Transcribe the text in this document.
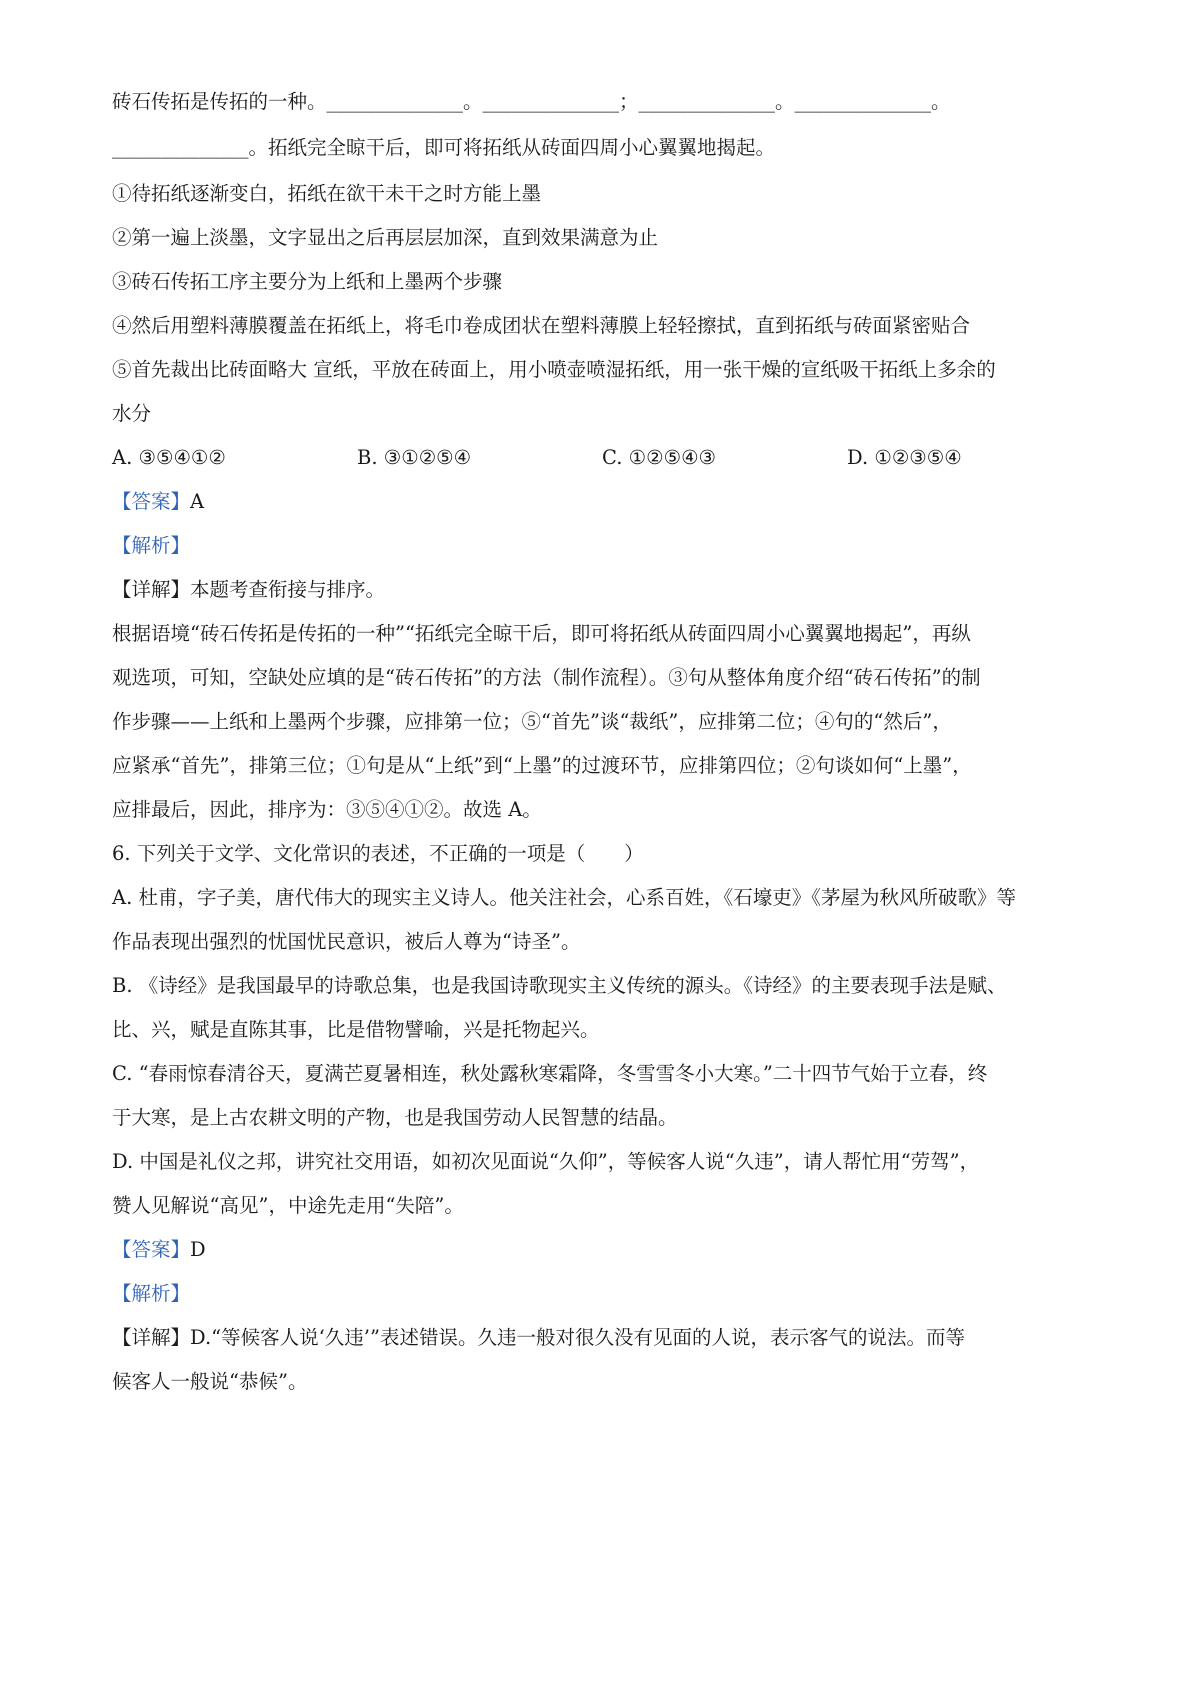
砖石传拓是传拓的一种。______________。______________；______________。______________。

______________。拓纸完全晾干后，即可将拓纸从砖面四周小心翼翼地揭起。

①待拓纸逐渐变白，拓纸在欲干未干之时方能上墨

②第一遍上淡墨，文字显出之后再层层加深，直到效果满意为止

③砖石传拓工序主要分为上纸和上墨两个步骤

④然后用塑料薄膜覆盖在拓纸上，将毛巾卷成团状在塑料薄膜上轻轻擦拭，直到拓纸与砖面紧密贴合

⑤首先裁出比砖面略大 宣纸，平放在砖面上，用小喷壶喷湿拓纸，用一张干燥的宣纸吸干拓纸上多余的

水分

A. ③⑤④①②	B. ③①②⑤④	C. ①②⑤④③	D. ①②③⑤④

【答案】A

【解析】

【详解】本题考查衔接与排序。

根据语境“砖石传拓是传拓的一种”“拓纸完全晾干后，即可将拓纸从砖面四周小心翼翼地揭起”，再纵

观选项，可知，空缺处应填的是“砖石传拓”的方法（制作流程）。③句从整体角度介绍“砖石传拓”的制

作步骤——上纸和上墨两个步骤，应排第一位；⑤“首先”谈“裁纸”，应排第二位；④句的“然后”，

应紧承“首先”，排第三位；①句是从“上纸”到“上墨”的过渡环节，应排第四位；②句谈如何“上墨”，

应排最后，因此，排序为：③⑤④①②。故选 A。

6. 下列关于文学、文化常识的表述，不正确的一项是（　　）

A. 杜甫，字子美，唐代伟大的现实主义诗人。他关注社会，心系百姓，《石壕吏》《茅屋为秋风所破歌》等

作品表现出强烈的忧国忧民意识，被后人尊为“诗圣”。

B. 《诗经》是我国最早的诗歌总集，也是我国诗歌现实主义传统的源头。《诗经》的主要表现手法是赋、

比、兴，赋是直陈其事，比是借物譬喻，兴是托物起兴。

C. “春雨惊春清谷天，夏满芒夏暑相连，秋处露秋寒霜降，冬雪雪冬小大寒。”二十四节气始于立春，终

于大寒，是上古农耕文明的产物，也是我国劳动人民智慧的结晶。

D. 中国是礼仪之邦，讲究社交用语，如初次见面说“久仰”，等候客人说“久违”，请人帮忙用“劳驾”，

赞人见解说“高见”，中途先走用“失陪”。

【答案】D

【解析】

【详解】D.“等候客人说‘久违’”表述错误。久违一般对很久没有见面的人说，表示客气的说法。而等

候客人一般说“恭候”。
